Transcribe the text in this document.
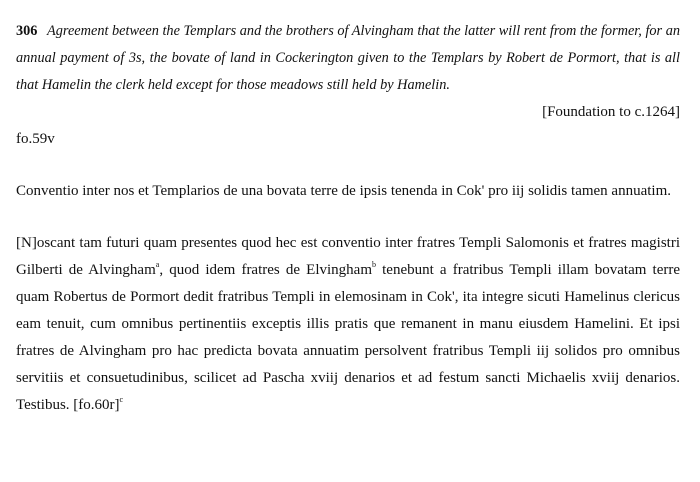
306 Agreement between the Templars and the brothers of Alvingham that the latter will rent from the former, for an annual payment of 3s, the bovate of land in Cockerington given to the Templars by Robert de Pormort, that is all that Hamelin the clerk held except for those meadows still held by Hamelin.

[Foundation to c.1264]

fo.59v

Conventio inter nos et Templarios de una bovata terre de ipsis tenenda in Cok' pro iij solidis tamen annuatim.

[N]oscant tam futuri quam presentes quod hec est conventio inter fratres Templi Salomonis et fratres magistri Gilberti de Alvingham$^a$, quod idem fratres de Elvingham$^b$ tenebunt a fratribus Templi illam bovatam terre quam Robertus de Pormort dedit fratribus Templi in elemosinam in Cok', ita integre sicuti Hamelinus clericus eam tenuit, cum omnibus pertinentiis exceptis illis pratis que remanent in manu eiusdem Hamelini. Et ipsi fratres de Alvingham pro hac predicta bovata annuatim persolvent fratribus Templi iij solidos pro omnibus servitiis et consuetudinibus, scilicet ad Pascha xviij denarios et ad festum sancti Michaelis xviij denarios. Testibus. $[fo.60r]^c$
